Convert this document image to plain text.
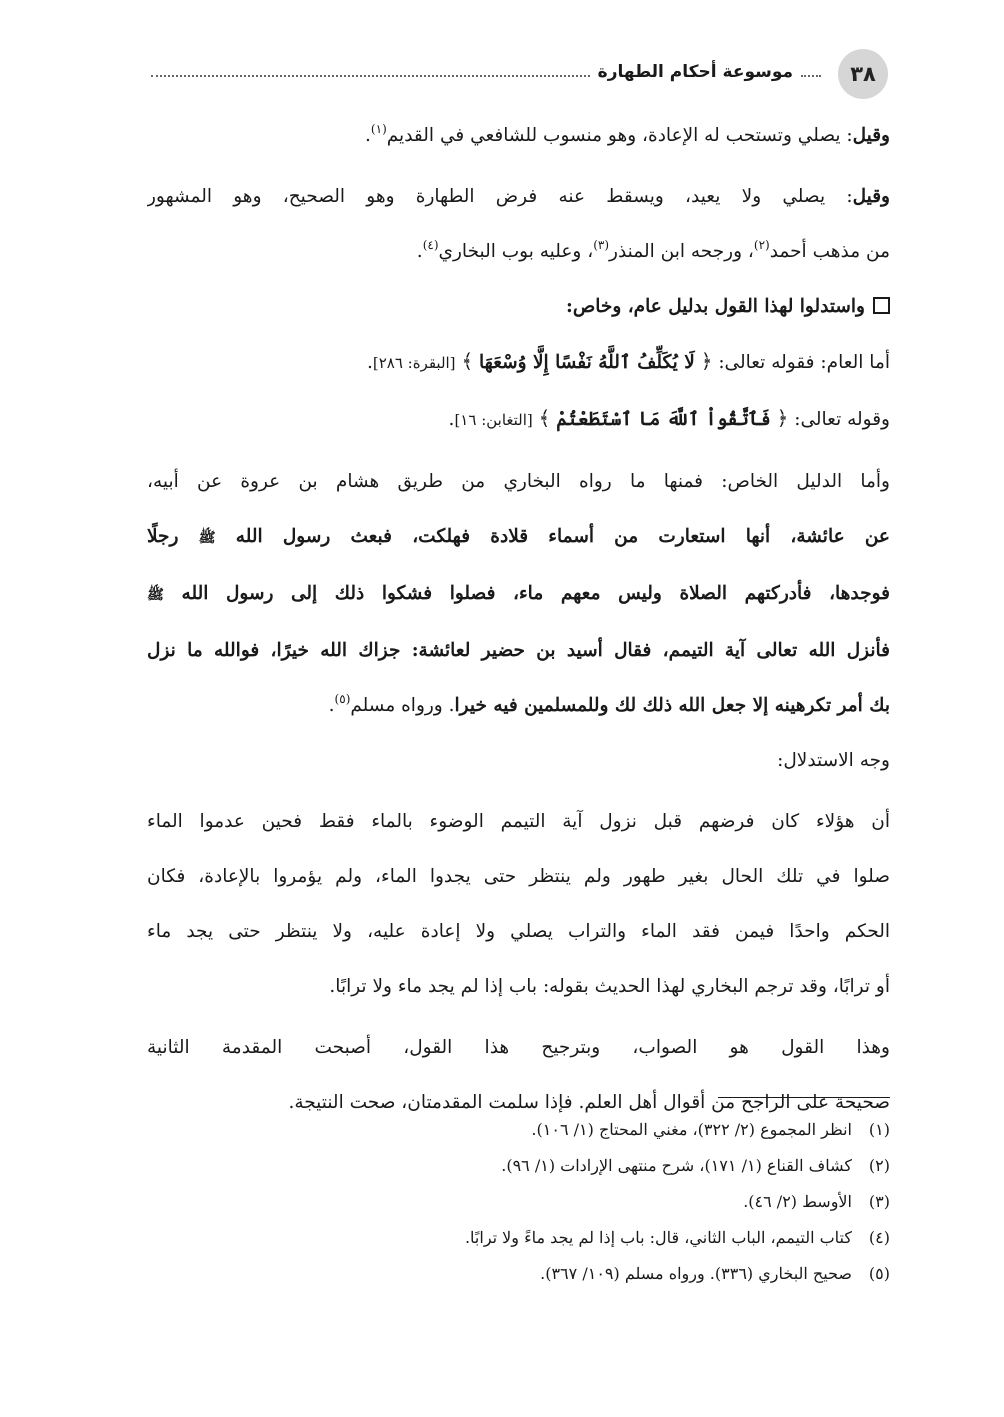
٣٨
موسوعة أحكام الطهارة
وقيل: يصلي وتستحب له الإعادة، وهو منسوب للشافعي في القديم$^{(١)}$.
وقيل: يصلي ولا يعيد، ويسقط عنه فرض الطهارة وهو الصحيح، وهو المشهور
من مذهب أحمد$^{(٢)}$، ورجحه ابن المنذر$^{(٣)}$، وعليه بوب البخاري$^{(٤)}$.
واستدلوا لهذا القول بدليل عام، وخاص:
أما العام: فقوله تعالى: ﴿ لَا يُكَلِّفُ ٱللَّهُ نَفْسًا إِلَّا وُسْعَهَا ﴾ [البقرة: ٢٨٦].
وقوله تعالى: ﴿ فَٱتَّقُواْ ٱللَّهَ مَا ٱسْتَطَعْتُمْ ﴾ [التغابن: ١٦].
وأما الدليل الخاص: فمنها ما رواه البخاري من طريق هشام بن عروة عن أبيه،
عن عائشة، أنها استعارت من أسماء قلادة فهلكت، فبعث رسول الله ﷺ رجلًا
فوجدها، فأدركتهم الصلاة وليس معهم ماء، فصلوا فشكوا ذلك إلى رسول الله ﷺ
فأنزل الله تعالى آية التيمم، فقال أسيد بن حضير لعائشة: جزاك الله خيرًا، فوالله ما نزل
بك أمر تكرهينه إلا جعل الله ذلك لك وللمسلمين فيه خيرا. ورواه مسلم$^{(٥)}$.
وجه الاستدلال:
أن هؤلاء كان فرضهم قبل نزول آية التيمم الوضوء بالماء فقط فحين عدموا الماء
صلوا في تلك الحال بغير طهور ولم ينتظر حتى يجدوا الماء، ولم يؤمروا بالإعادة، فكان
الحكم واحدًا فيمن فقد الماء والتراب يصلي ولا إعادة عليه، ولا ينتظر حتى يجد ماء
أو ترابًا، وقد ترجم البخاري لهذا الحديث بقوله: باب إذا لم يجد ماء ولا ترابًا.
وهذا القول هو الصواب، وبترجيح هذا القول، أصبحت المقدمة الثانية
صحيحة على الراجح من أقوال أهل العلم. فإذا سلمت المقدمتان، صحت النتيجة.
(١)انظر المجموع (٢/ ٣٢٢)، مغني المحتاج (١/ ١٠٦).
(٢)كشاف القناع (١/ ١٧١)، شرح منتهى الإرادات (١/ ٩٦).
(٣)الأوسط (٢/ ٤٦).
(٤)كتاب التيمم، الباب الثاني، قال: باب إذا لم يجد ماءً ولا ترابًا.
(٥)صحيح البخاري (٣٣٦). ورواه مسلم (١٠٩/ ٣٦٧).
